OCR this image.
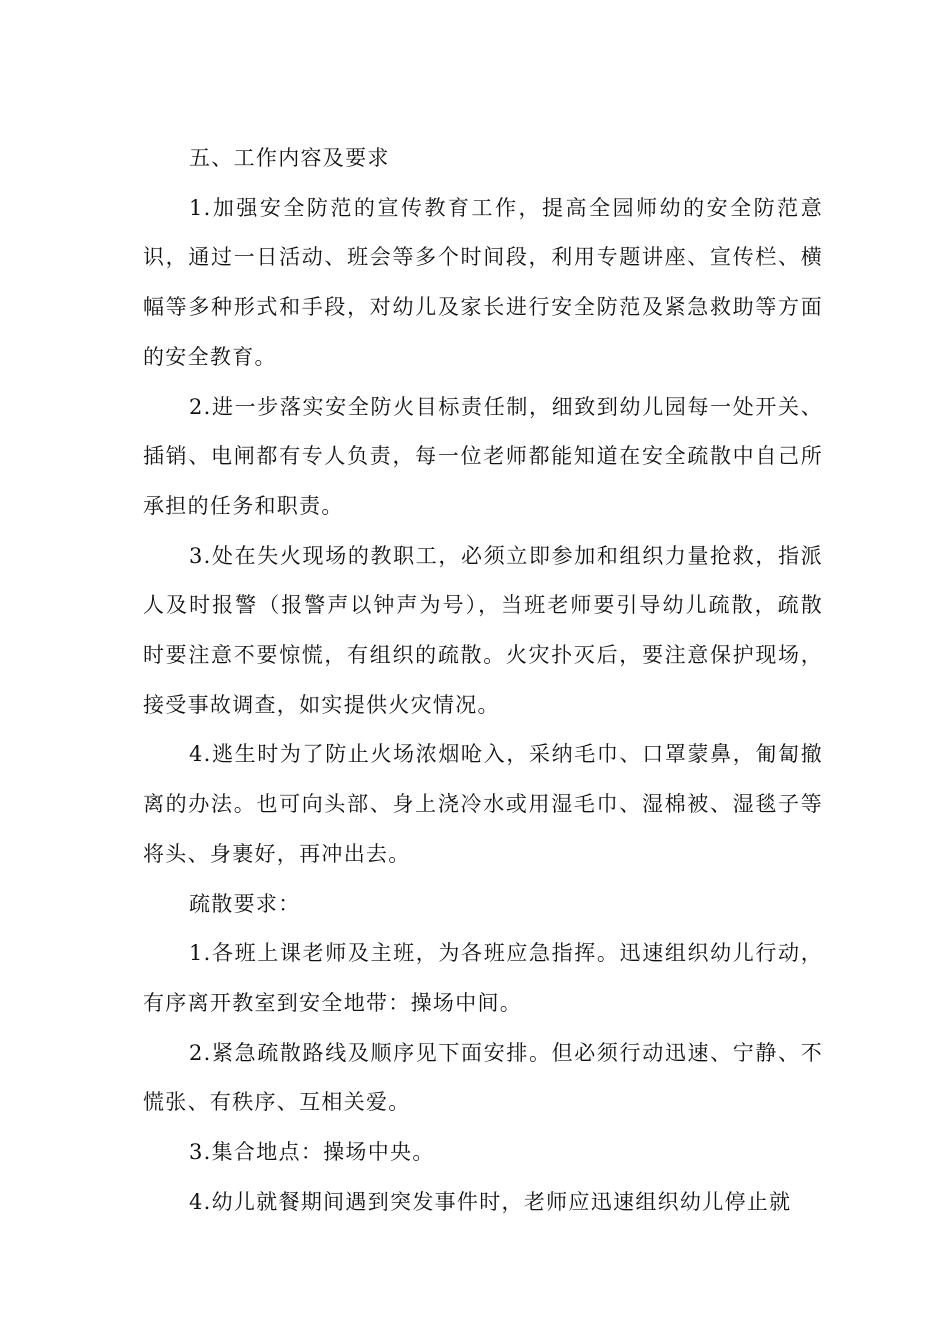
五、工作内容及要求

1.加强安全防范的宣传教育工作，提高全园师幼的安全防范意识，通过一日活动、班会等多个时间段，利用专题讲座、宣传栏、横幅等多种形式和手段，对幼儿及家长进行安全防范及紧急救助等方面的安全教育。

2.进一步落实安全防火目标责任制，细致到幼儿园每一处开关、插销、电闸都有专人负责，每一位老师都能知道在安全疏散中自己所承担的任务和职责。

3.处在失火现场的教职工，必须立即参加和组织力量抢救，指派人及时报警（报警声以钟声为号），当班老师要引导幼儿疏散，疏散时要注意不要惊慌，有组织的疏散。火灾扑灭后，要注意保护现场，接受事故调查，如实提供火灾情况。

4.逃生时为了防止火场浓烟呛入，采纳毛巾、口罩蒙鼻，匍匐撤离的办法。也可向头部、身上浇冷水或用湿毛巾、湿棉被、湿毯子等将头、身裹好，再冲出去。

疏散要求：

1.各班上课老师及主班，为各班应急指挥。迅速组织幼儿行动，有序离开教室到安全地带：操场中间。

2.紧急疏散路线及顺序见下面安排。但必须行动迅速、宁静、不慌张、有秩序、互相关爱。

3.集合地点：操场中央。

4.幼儿就餐期间遇到突发事件时，老师应迅速组织幼儿停止就
